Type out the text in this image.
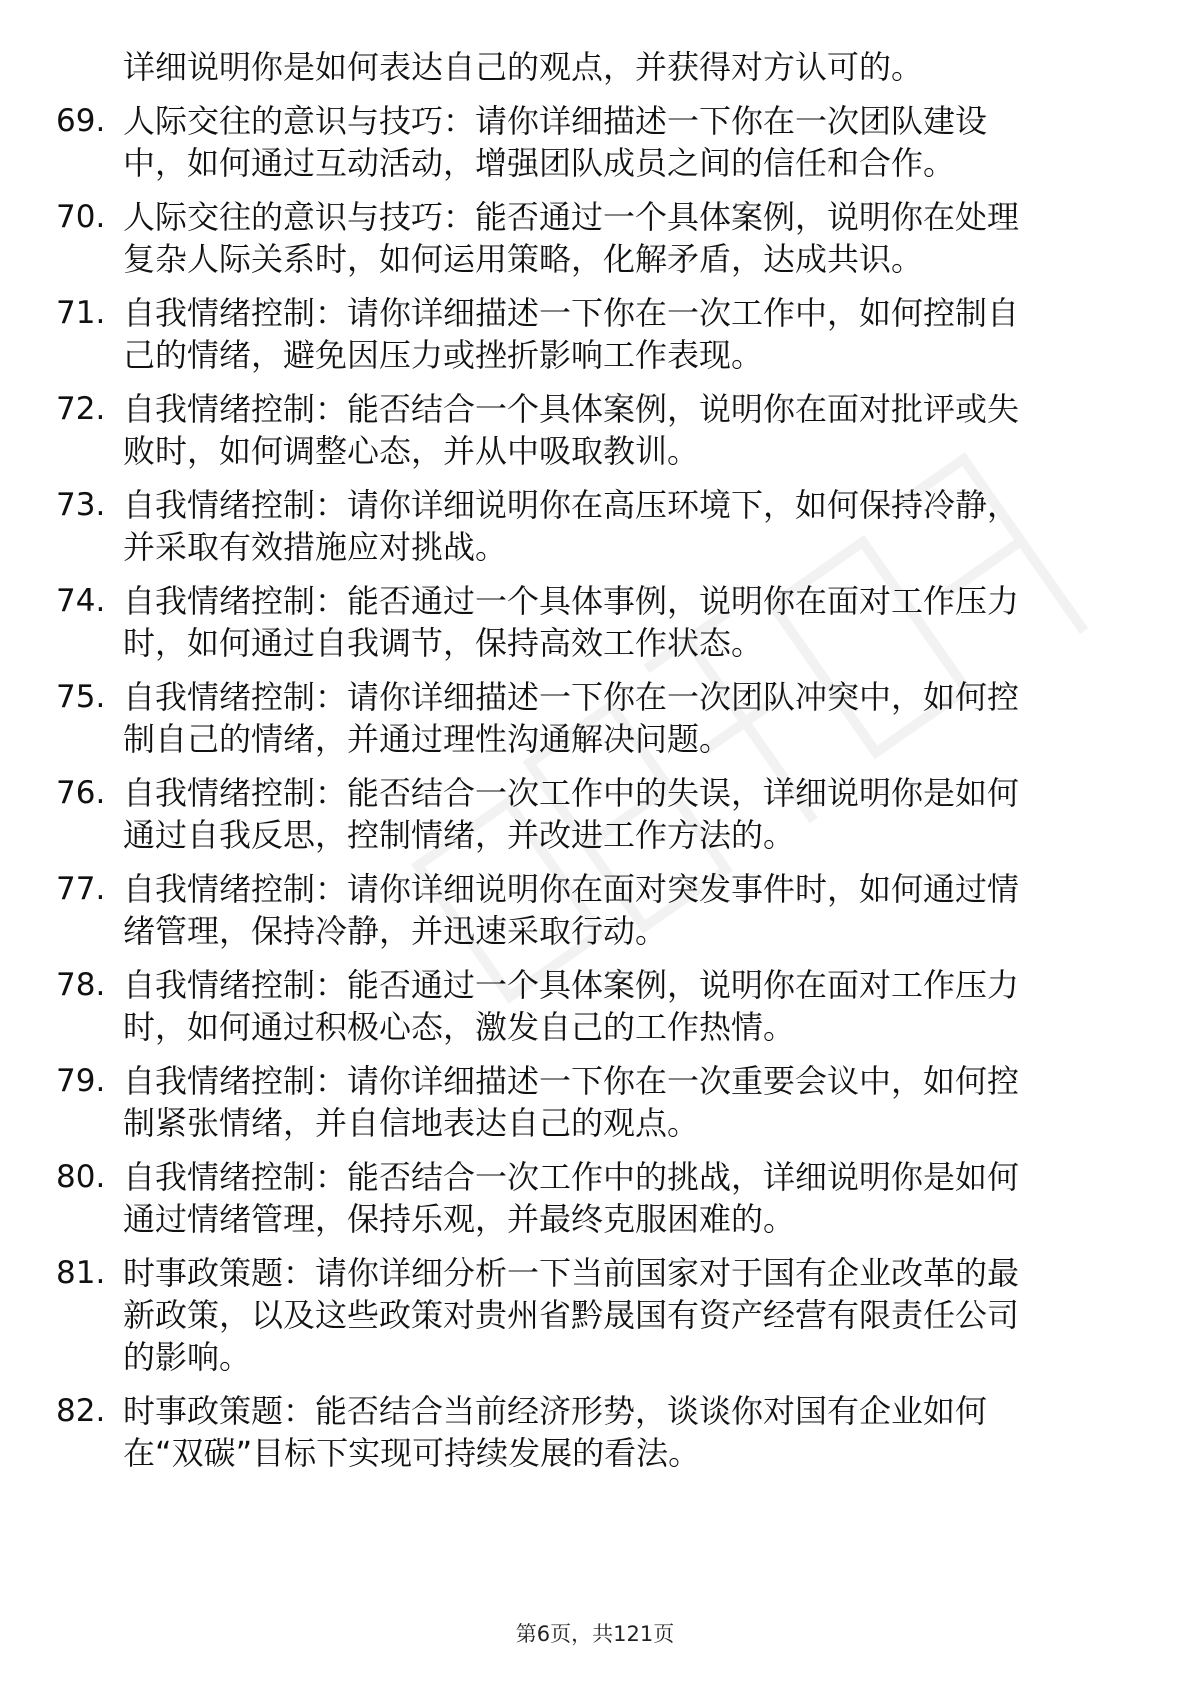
详细说明你是如何表达自己的观点，并获得对方认可的。
69. 人际交往的意识与技巧：请你详细描述一下你在一次团队建设
中，如何通过互动活动，增强团队成员之间的信任和合作。
70. 人际交往的意识与技巧：能否通过一个具体案例，说明你在处理
复杂人际关系时，如何运用策略，化解矛盾，达成共识。
71. 自我情绪控制：请你详细描述一下你在一次工作中，如何控制自
己的情绪，避免因压力或挫折影响工作表现。
72. 自我情绪控制：能否结合一个具体案例，说明你在面对批评或失
败时，如何调整心态，并从中吸取教训。
73. 自我情绪控制：请你详细说明你在高压环境下，如何保持冷静，
并采取有效措施应对挑战。
74. 自我情绪控制：能否通过一个具体事例，说明你在面对工作压力
时，如何通过自我调节，保持高效工作状态。
75. 自我情绪控制：请你详细描述一下你在一次团队冲突中，如何控
制自己的情绪，并通过理性沟通解决问题。
76. 自我情绪控制：能否结合一次工作中的失误，详细说明你是如何
通过自我反思，控制情绪，并改进工作方法的。
77. 自我情绪控制：请你详细说明你在面对突发事件时，如何通过情
绪管理，保持冷静，并迅速采取行动。
78. 自我情绪控制：能否通过一个具体案例，说明你在面对工作压力
时，如何通过积极心态，激发自己的工作热情。
79. 自我情绪控制：请你详细描述一下你在一次重要会议中，如何控
制紧张情绪，并自信地表达自己的观点。
80. 自我情绪控制：能否结合一次工作中的挑战，详细说明你是如何
通过情绪管理，保持乐观，并最终克服困难的。
81. 时事政策题：请你详细分析一下当前国家对于国有企业改革的最
新政策，以及这些政策对贵州省黔晟国有资产经营有限责任公司
的影响。
82. 时事政策题：能否结合当前经济形势，谈谈你对国有企业如何
在“双碳”目标下实现可持续发展的看法。
第6页，共121页
